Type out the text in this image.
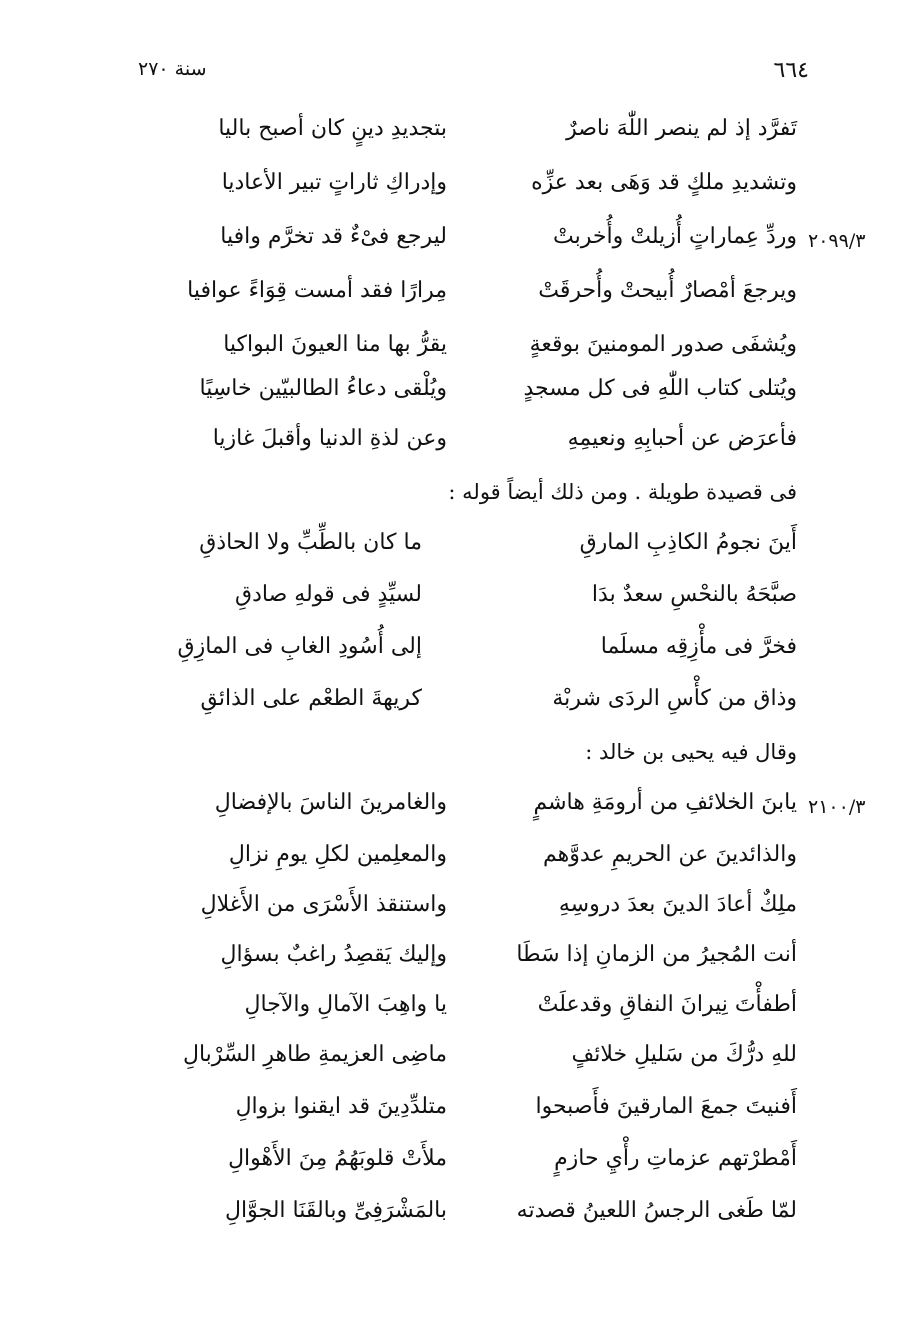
٦٦٤
سنة ٢٧٠
تَفرَّد إذ لم ينصر اللّٰهَ ناصرٌ
بتجديدِ دينٍ كان أصبح باليا
وتشديدِ ملكٍ قد وَهَى بعد عزِّه
وإدراكِ ثاراتٍ تبير الأعاديا
٢٠٩٩/٣
وردِّ عِماراتٍ أُزيلتْ وأُخربتْ
ليرجع فىْءٌ قد تخرَّم وافيا
ويرجعَ أمْصارٌ أُبيحتْ وأُحرقَتْ
مِرارًا فقد أمست قِوَاءً عوافيا
ويُشفَى صدور المومنينَ بوقعةٍ
يقرُّ بها منا العيونَ البواكيا
ويُتلى كتاب اللّٰهِ فى كل مسجدٍ
ويُلْقى دعاءُ الطالبيّين خاسِيًا
فأعرَض عن أحبابِهِ ونعيمِهِ
وعن لذةِ الدنيا وأقبلَ غازيا
فى قصيدة طويلة . ومن ذلك أيضاً قوله :
أَينَ نجومُ الكاذِبِ المارقِ
ما كان بالطِّبِّ ولا الحاذقِ
صبَّحَهُ بالنحْسِ سعدٌ بدَا
لسيِّدٍ فى قولهِ صادقِ
فخرَّ فى مأْزِقِه مسلَما
إلى أُسُودِ الغابِ فى المازِقِ
وذاق من كأْسِ الردَى شربْة
كريهةَ الطعْم على الذائقِ
وقال فيه يحيى بن خالد :
٢١٠٠/٣
يابنَ الخلائفِ من أرومَةِ هاشمٍ
والغامرينَ الناسَ بالإفضالِ
والذائدينَ عن الحريمِ عدوَّهم
والمعلِمين لكلِ يومِ نزالِ
ملِكٌ أعادَ الدينَ بعدَ دروسِهِ
واستنقذ الأَسْرَى من الأَغلالِ
أنت المُجيرُ من الزمانِ إذا سَطَا
وإليك يَقصِدُ راغبٌ بسؤالِ
أطفأْتَ نِيرانَ النفاقِ وقدعلَتْ
يا واهِبَ الآمالِ والآجالِ
للهِ درُّكَ من سَليلِ خلائفٍ
ماضِى العزيمةِ طاهرِ السِّرْبالِ
أَفنيتَ جمعَ المارقينَ فأَصبحوا
متلدِّدِينَ قد ايقنوا بزوالِ
أَمْطرْتهم عزماتِ رأْيِ حازمٍ
ملأَتْ قلوبَهُمُ مِنَ الأَهْوالِ
لمّا طَغى الرجسُ اللعينُ قصدته
بالمَشْرَفِىِّ وبالقَنَا الجوَّالِ
